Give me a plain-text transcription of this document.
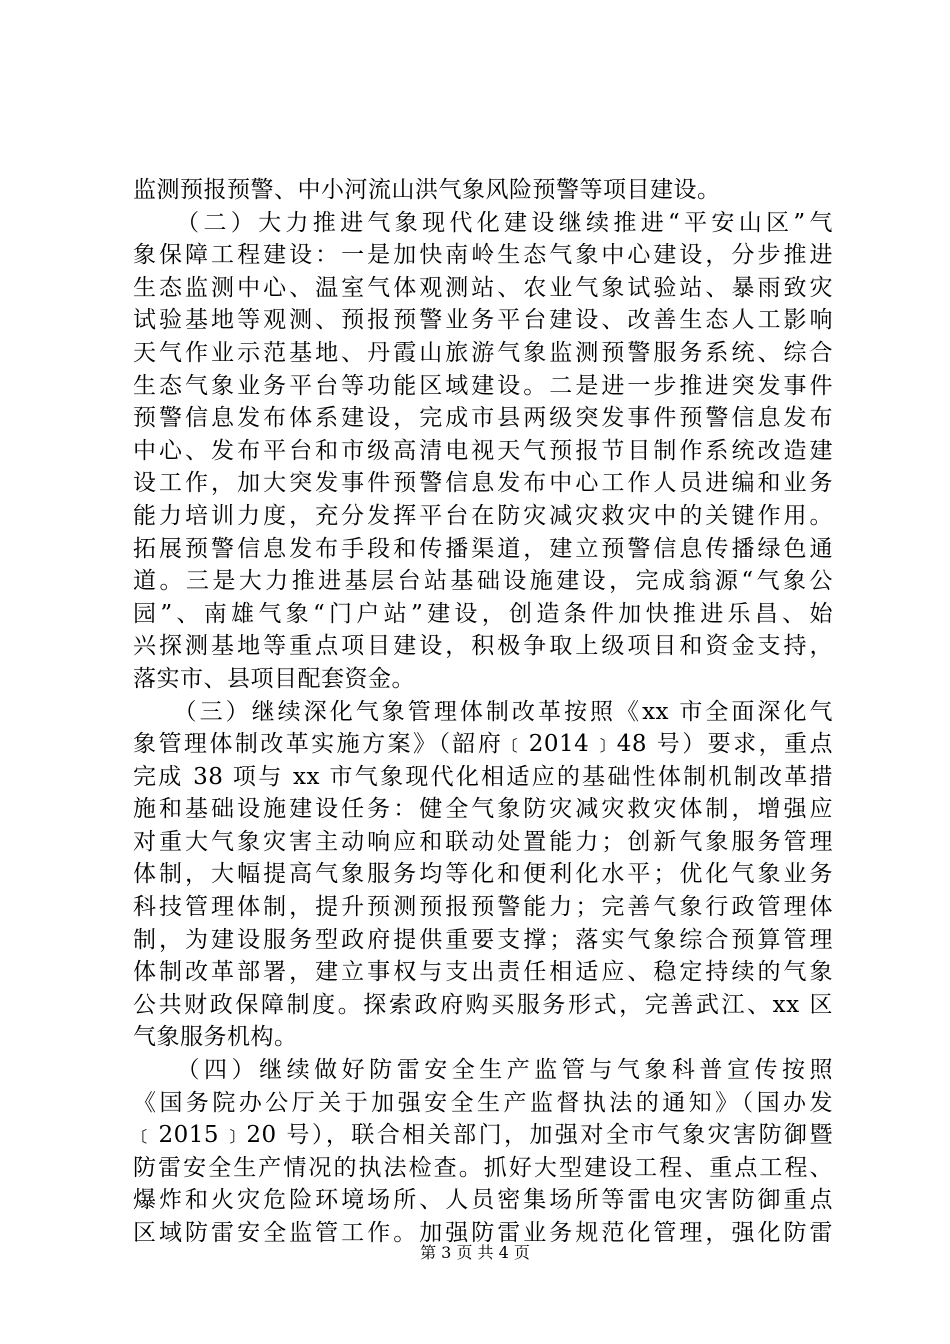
监测预报预警、中小河流山洪气象风险预警等项目建设。
　　（二）大力推进气象现代化建设继续推进“平安山区”气
象保障工程建设：一是加快南岭生态气象中心建设，分步推进
生态监测中心、温室气体观测站、农业气象试验站、暴雨致灾
试验基地等观测、预报预警业务平台建设、改善生态人工影响
天气作业示范基地、丹霞山旅游气象监测预警服务系统、综合
生态气象业务平台等功能区域建设。二是进一步推进突发事件
预警信息发布体系建设，完成市县两级突发事件预警信息发布
中心、发布平台和市级高清电视天气预报节目制作系统改造建
设工作，加大突发事件预警信息发布中心工作人员进编和业务
能力培训力度，充分发挥平台在防灾减灾救灾中的关键作用。
拓展预警信息发布手段和传播渠道，建立预警信息传播绿色通
道。三是大力推进基层台站基础设施建设，完成翁源“气象公
园”、南雄气象“门户站”建设，创造条件加快推进乐昌、始
兴探测基地等重点项目建设，积极争取上级项目和资金支持，
落实市、县项目配套资金。
　　（三）继续深化气象管理体制改革按照《xx 市全面深化气
象管理体制改革实施方案》（韶府﹝2014﹞48 号）要求，重点
完成 38 项与 xx 市气象现代化相适应的基础性体制机制改革措
施和基础设施建设任务：健全气象防灾减灾救灾体制，增强应
对重大气象灾害主动响应和联动处置能力；创新气象服务管理
体制，大幅提高气象服务均等化和便利化水平；优化气象业务
科技管理体制，提升预测预报预警能力；完善气象行政管理体
制，为建设服务型政府提供重要支撑；落实气象综合预算管理
体制改革部署，建立事权与支出责任相适应、稳定持续的气象
公共财政保障制度。探索政府购买服务形式，完善武江、xx 区
气象服务机构。
　　（四）继续做好防雷安全生产监管与气象科普宣传按照
《国务院办公厅关于加强安全生产监督执法的通知》（国办发
﹝2015﹞20 号），联合相关部门，加强对全市气象灾害防御暨
防雷安全生产情况的执法检查。抓好大型建设工程、重点工程、
爆炸和火灾危险环境场所、人员密集场所等雷电灾害防御重点
区域防雷安全监管工作。加强防雷业务规范化管理，强化防雷
第 3 页 共 4 页
